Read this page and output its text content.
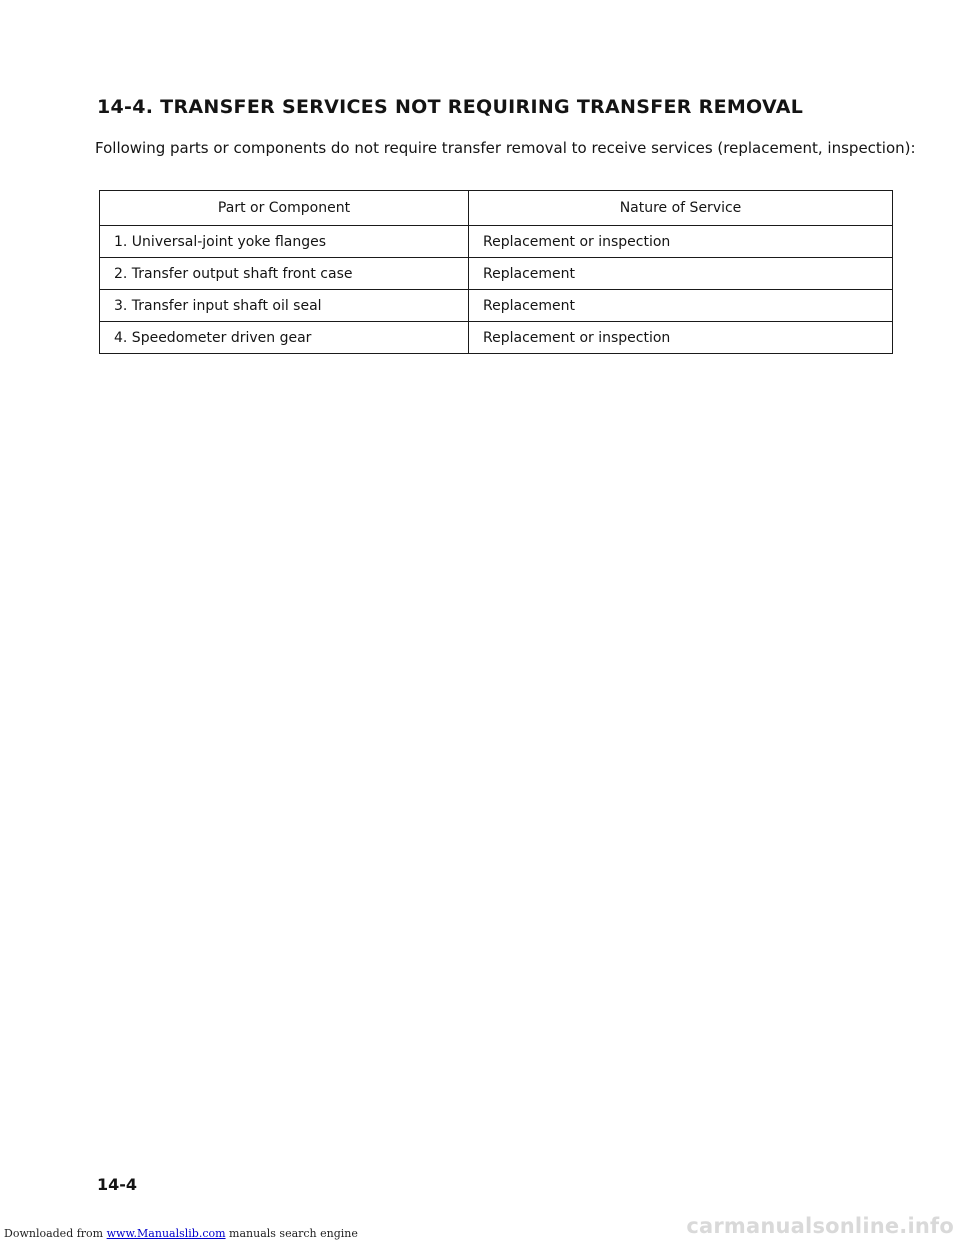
14-4. TRANSFER SERVICES NOT REQUIRING TRANSFER REMOVAL
Following parts or components do not require transfer removal to receive services (replacement, inspection):
Part or Component	Nature of Service
1. Universal-joint yoke flanges	Replacement or inspection
2. Transfer output shaft front case	Replacement
3. Transfer input shaft oil seal	Replacement
4. Speedometer driven gear	Replacement or inspection
14-4
Downloaded from www.Manualslib.com manuals search engine	carmanualsonline.info
